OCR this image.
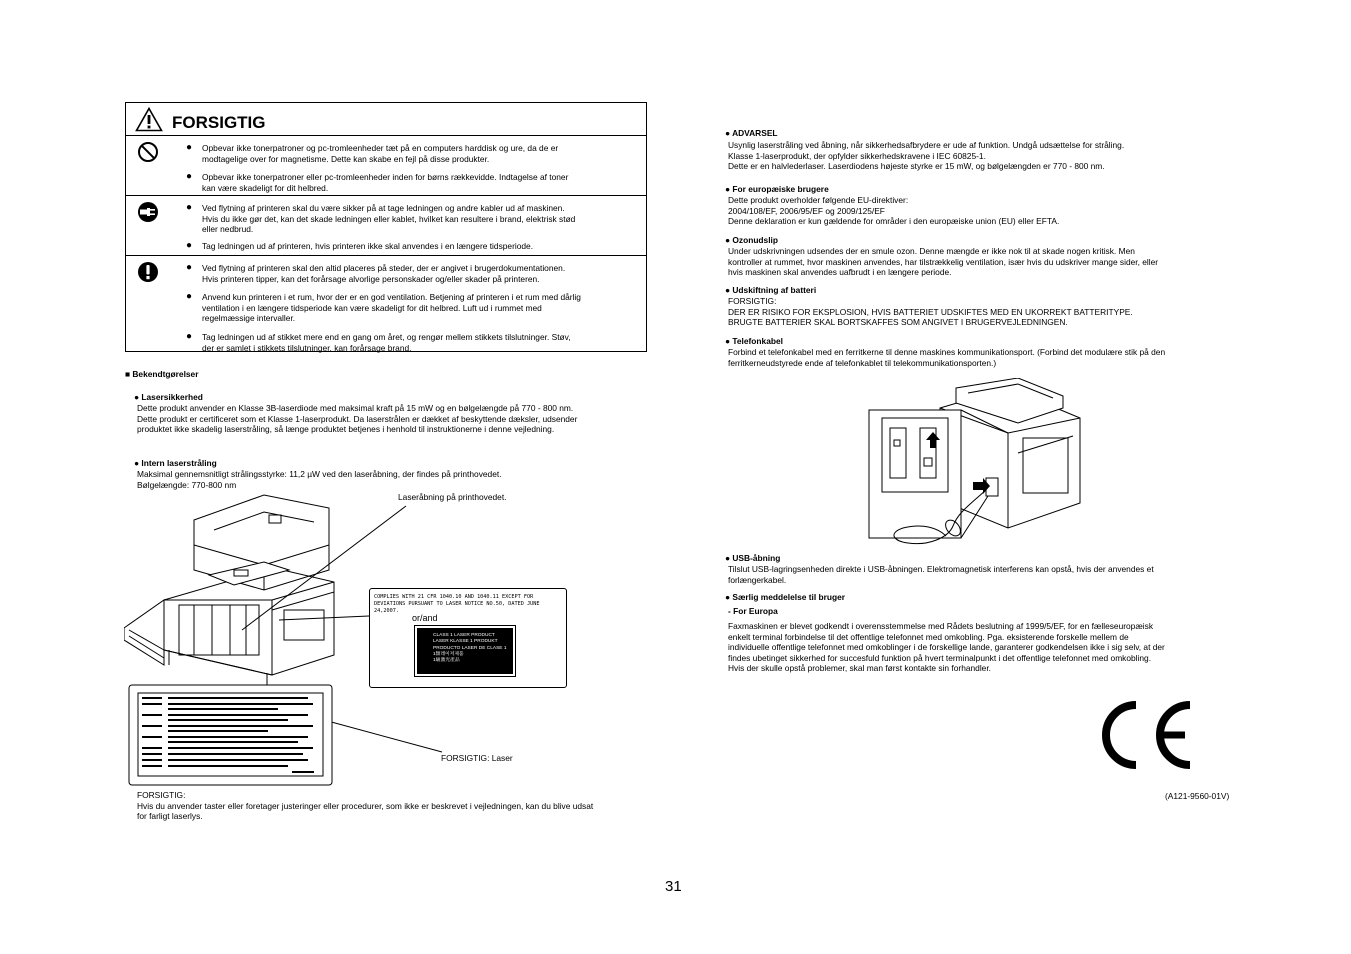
FORSIGTIG
● Opbevar ikke tonerpatroner og pc-tromleenheder tæt på en computers harddisk og ure, da de er
modtagelige over for magnetisme. Dette kan skabe en fejl på disse produkter.
● Opbevar ikke tonerpatroner eller pc-tromleenheder inden for børns rækkevidde. Indtagelse af toner
kan være skadeligt for dit helbred.
● Ved flytning af printeren skal du være sikker på at tage ledningen og andre kabler ud af maskinen.
Hvis du ikke gør det, kan det skade ledningen eller kablet, hvilket kan resultere i brand, elektrisk stød
eller nedbrud.
● Tag ledningen ud af printeren, hvis printeren ikke skal anvendes i en længere tidsperiode.
● Ved flytning af printeren skal den altid placeres på steder, der er angivet i brugerdokumentationen.
Hvis printeren tipper, kan det forårsage alvorlige personskader og/eller skader på printeren.
● Anvend kun printeren i et rum, hvor der er en god ventilation. Betjening af printeren i et rum med dårlig
ventilation i en længere tidsperiode kan være skadeligt for dit helbred. Luft ud i rummet med
regelmæssige intervaller.
● Tag ledningen ud af stikket mere end en gang om året, og rengør mellem stikkets tilslutninger. Støv,
der er samlet i stikkets tilslutninger, kan forårsage brand.
■ Bekendtgørelser
● Lasersikkerhed
Dette produkt anvender en Klasse 3B-laserdiode med maksimal kraft på 15 mW og en bølgelængde på 770 - 800 nm.
Dette produkt er certificeret som et Klasse 1-laserprodukt. Da laserstrålen er dækket af beskyttende dæksler, udsender
produktet ikke skadelig laserstråling, så længe produktet betjenes i henhold til instruktionerne i denne vejledning.
● Intern laserstråling
Maksimal gennemsnitligt strålingsstyrke: 11,2 µW ved den laseråbning, der findes på printhovedet.
Bølgelængde: 770-800 nm
Laseråbning på printhovedet.
FORSIGTIG: Laser
COMPLIES WITH 21 CFR 1040.10 AND 1040.11 EXCEPT FOR
DEVIATIONS PURSUANT TO LASER NOTICE NO.50, DATED JUNE 24,2007.
or/and
CLASS 1 LASER PRODUCT
LASER KLASSE 1 PRODUKT
PRODUCTO LASER DE CLASE 1
1類레이저제품
1級激光產品
FORSIGTIG:
Hvis du anvender taster eller foretager justeringer eller procedurer, som ikke er beskrevet i vejledningen, kan du blive udsat
for farligt laserlys.
● ADVARSEL
Usynlig laserstråling ved åbning, når sikkerhedsafbrydere er ude af funktion. Undgå udsættelse for stråling.
Klasse 1-laserprodukt, der opfylder sikkerhedskravene i IEC 60825-1.
Dette er en halvlederlaser. Laserdiodens højeste styrke er 15 mW, og bølgelængden er 770 - 800 nm.
● For europæiske brugere
Dette produkt overholder følgende EU-direktiver:
2004/108/EF, 2006/95/EF og 2009/125/EF
Denne deklaration er kun gældende for områder i den europæiske union (EU) eller EFTA.
● Ozonudslip
Under udskrivningen udsendes der en smule ozon. Denne mængde er ikke nok til at skade nogen kritisk. Men
kontroller at rummet, hvor maskinen anvendes, har tilstrækkelig ventilation, især hvis du udskriver mange sider, eller
hvis maskinen skal anvendes uafbrudt i en længere periode.
● Udskiftning af batteri
FORSIGTIG:
DER ER RISIKO FOR EKSPLOSION, HVIS BATTERIET UDSKIFTES MED EN UKORREKT BATTERITYPE.
BRUGTE BATTERIER SKAL BORTSKAFFES SOM ANGIVET I BRUGERVEJLEDNINGEN.
● Telefonkabel
Forbind et telefonkabel med en ferritkerne til denne maskines kommunikationsport. (Forbind det modulære stik på den
ferritkerneudstyrede ende af telefonkablet til telekommunikationsporten.)
● USB-åbning
Tilslut USB-lagringsenheden direkte i USB-åbningen. Elektromagnetisk interferens kan opstå, hvis der anvendes et
forlængerkabel.
● Særlig meddelelse til bruger
- For Europa
Faxmaskinen er blevet godkendt i overensstemmelse med Rådets beslutning af 1999/5/EF, for en fælleseuropæisk
enkelt terminal forbindelse til det offentlige telefonnet med omkobling. Pga. eksisterende forskelle mellem de
individuelle offentlige telefonnet med omkoblinger i de forskellige lande, garanterer godkendelsen ikke i sig selv, at der
findes ubetinget sikkerhed for succesfuld funktion på hvert terminalpunkt i det offentlige telefonnet med omkobling.
Hvis der skulle opstå problemer, skal man først kontakte sin forhandler.
(A121-9560-01V)
31
